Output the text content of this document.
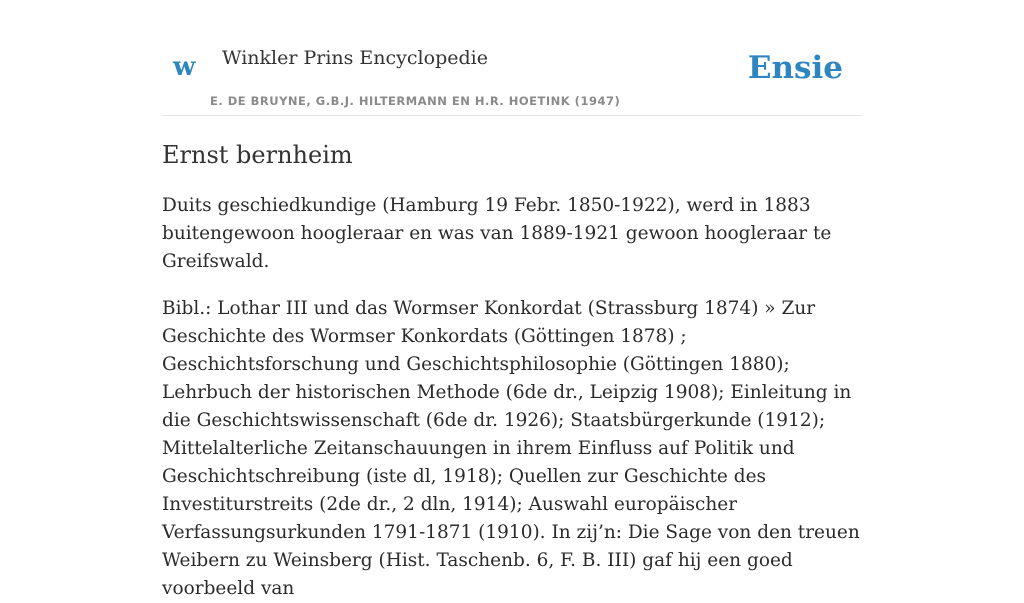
w Winkler Prins Encyclopedie
E. DE BRUYNE, G.B.J. HILTERMANN EN H.R. HOETINK (1947)
Ensie
Ernst bernheim

Duits geschiedkundige (Hamburg 19 Febr. 1850-1922), werd in 1883 buitengewoon hoogleraar en was van 1889-1921 gewoon hoogleraar te Greifswald.

Bibl.: Lothar III und das Wormser Konkordat (Strassburg 1874) » Zur Geschichte des Wormser Konkordats (Göttingen 1878) ; Geschichtsforschung und Geschichtsphilosophie (Göttingen 1880); Lehrbuch der historischen Methode (6de dr., Leipzig 1908); Einleitung in die Geschichtswissenschaft (6de dr. 1926); Staatsbürgerkunde (1912); Mittelalterliche Zeitanschauungen in ihrem Einfluss auf Politik und Geschichtschreibung (iste dl, 1918); Quellen zur Geschichte des Investiturstreits (2de dr., 2 dln, 1914); Auswahl europäischer Verfassungsurkunden 1791-1871 (1910). In zij’n: Die Sage von den treuen Weibern zu Weinsberg (Hist. Taschenb. 6, F. B. III) gaf hij een goed voorbeeld van
